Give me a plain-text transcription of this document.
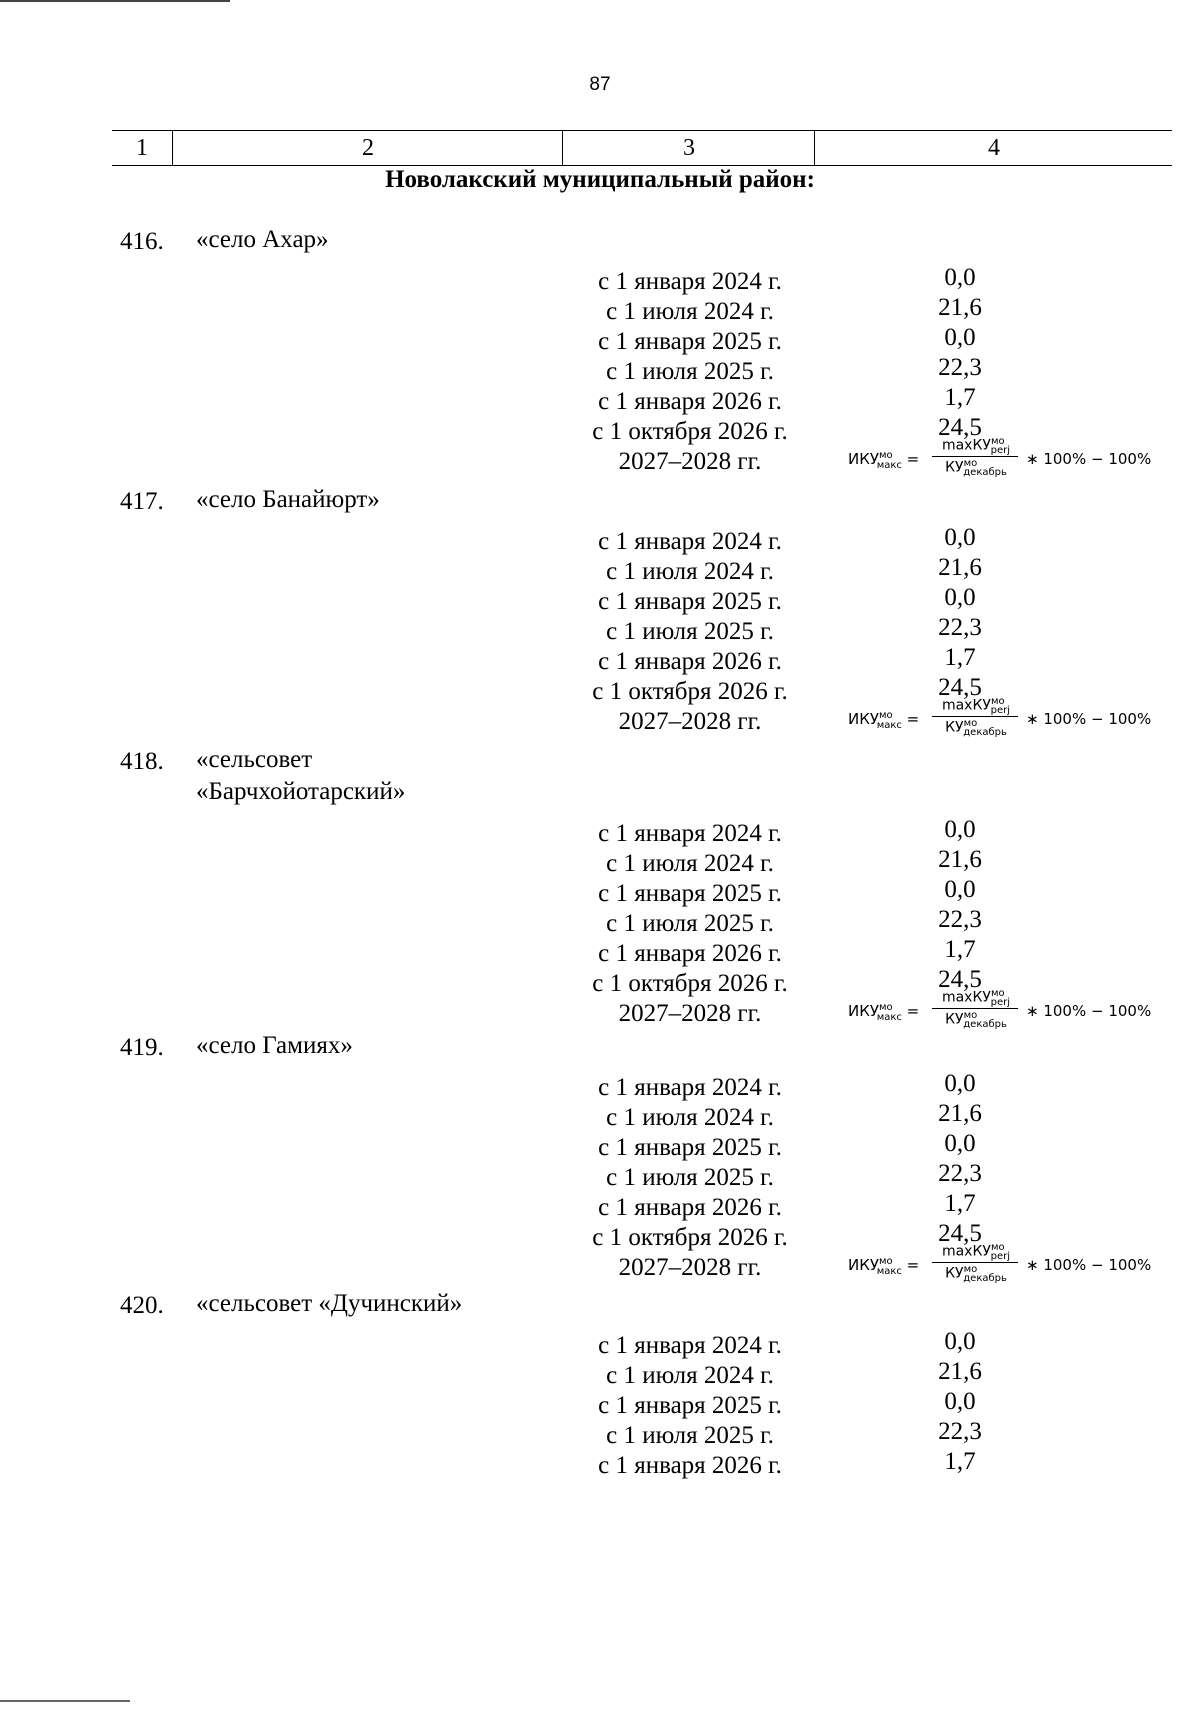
87
1	2	3	4
Новолакский муниципальный район:
416.	«село Ахар»
с 1 января 2024 г.	0,0
с 1 июля 2024 г.	21,6
с 1 января 2025 г.	0,0
с 1 июля 2025 г.	22,3
с 1 января 2026 г.	1,7
с 1 октября 2026 г.	24,5
2027–2028 гг.	$ИКУ^{мо}_{макс}$ =
maxКУ$^{мо}_{perj}$
$КУ^{мо}_{декабрь}$
∗ 100% − 100%
417.	«село Банайюрт»
с 1 января 2024 г.	0,0
с 1 июля 2024 г.	21,6
с 1 января 2025 г.	0,0
с 1 июля 2025 г.	22,3
с 1 января 2026 г.	1,7
с 1 октября 2026 г.	24,5
2027–2028 гг.	$ИКУ^{мо}_{макс}$ =
maxКУ$^{мо}_{perj}$
$КУ^{мо}_{декабрь}$
∗ 100% − 100%
418.	«сельсовет
«Барчхойотарский»
с 1 января 2024 г.	0,0
с 1 июля 2024 г.	21,6
с 1 января 2025 г.	0,0
с 1 июля 2025 г.	22,3
с 1 января 2026 г.	1,7
с 1 октября 2026 г.	24,5
2027–2028 гг.	$ИКУ^{мо}_{макс}$ =
maxКУ$^{мо}_{perj}$
$КУ^{мо}_{декабрь}$
∗ 100% − 100%
419.	«село Гамиях»
с 1 января 2024 г.	0,0
с 1 июля 2024 г.	21,6
с 1 января 2025 г.	0,0
с 1 июля 2025 г.	22,3
с 1 января 2026 г.	1,7
с 1 октября 2026 г.	24,5
2027–2028 гг.	$ИКУ^{мо}_{макс}$ =
maxКУ$^{мо}_{perj}$
$КУ^{мо}_{декабрь}$
∗ 100% − 100%
420.	«сельсовет «Дучинский»
с 1 января 2024 г.	0,0
с 1 июля 2024 г.	21,6
с 1 января 2025 г.	0,0
с 1 июля 2025 г.	22,3
с 1 января 2026 г.	1,7
